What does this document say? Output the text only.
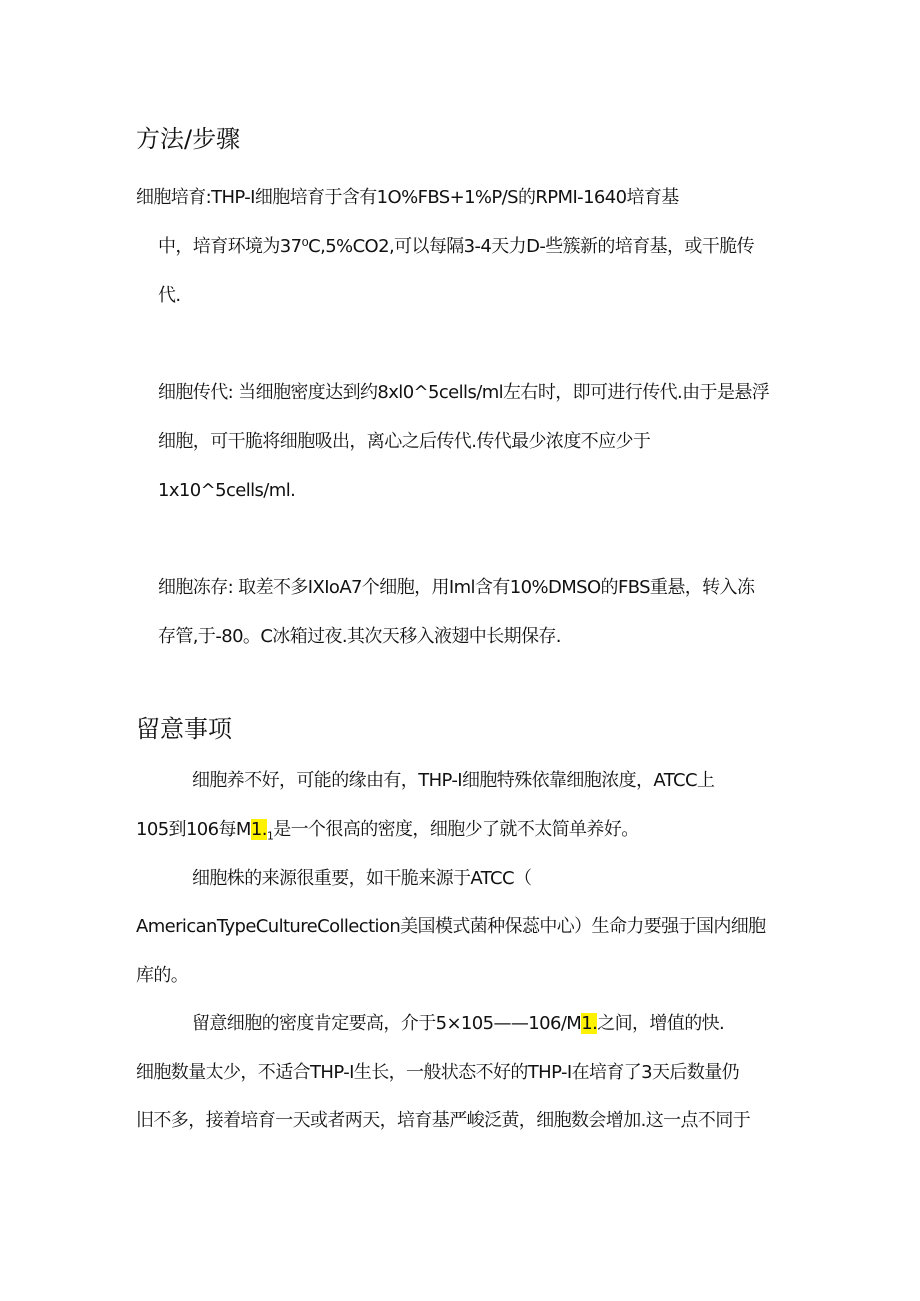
方法/步骤
细胞培育:THP-I细胞培育于含有1O%FBS+1%P/S的RPMI-1640培育基
中，培育环境为37⁰C,5%CO2,可以每隔3-4天力D-些簇新的培育基，或干脆传
代.
细胞传代: 当细胞密度达到约8xl0^5cells/ml左右时，即可进行传代.由于是悬浮
细胞，可干脆将细胞吸出，离心之后传代.传代最少浓度不应少于
1x10^5cells/ml.
细胞冻存: 取差不多IXIoA7个细胞，用Iml含有10%DMSO的FBS重悬，转入冻
存管,于-80。C冰箱过夜.其次天移入液翅中长期保存.
留意事项
细胞养不好，可能的缘由有，THP-I细胞特殊依靠细胞浓度，ATCC上
105到106每$M1._1$是一个很高的密度，细胞少了就不太简单养好。
细胞株的来源很重要，如干脆来源于ATCC（
AmericanTypeCultureCollection美国模式菌种保蕊中心）生命力要强于国内细胞
库的。
留意细胞的密度肯定要高，介于5×105——106/M1.之间，增值的快.
细胞数量太少，不适合THP-I生长，一般状态不好的THP-I在培育了3天后数量仍
旧不多，接着培育一天或者两天，培育基严峻泛黄，细胞数会增加.这一点不同于
